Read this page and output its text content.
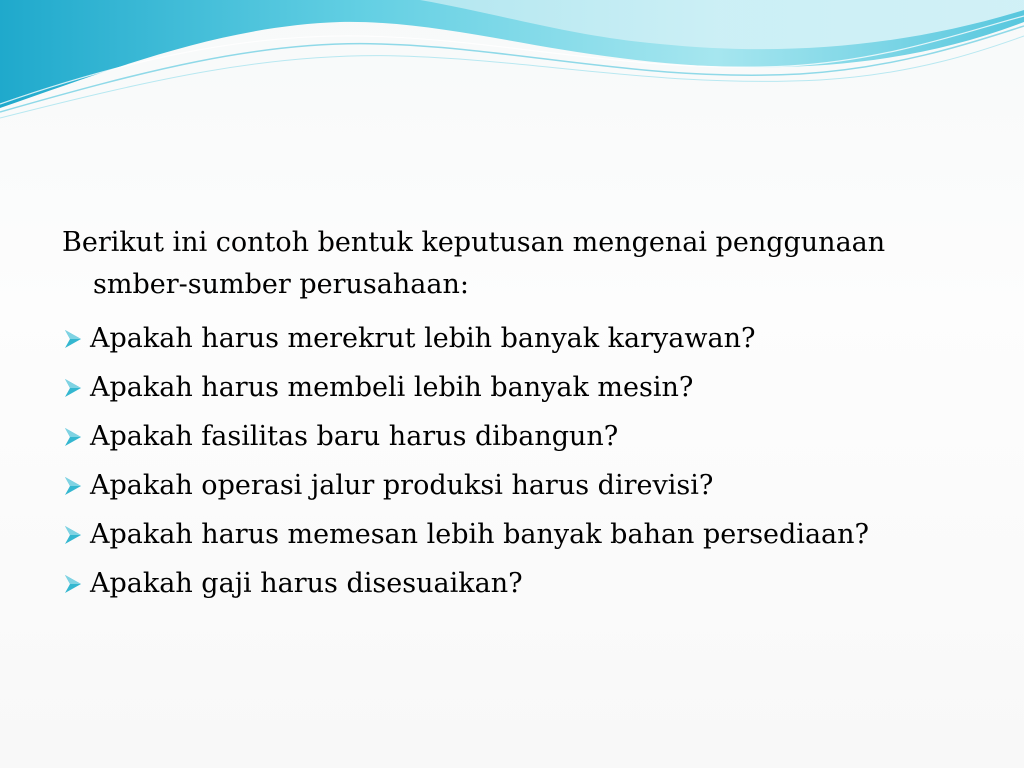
Berikut ini contoh bentuk keputusan mengenai penggunaan smber-sumber perusahaan:

Apakah harus merekrut lebih banyak karyawan?
Apakah harus membeli lebih banyak mesin?
Apakah fasilitas baru harus dibangun?
Apakah operasi jalur produksi harus direvisi?
Apakah harus memesan lebih banyak bahan persediaan?
Apakah gaji harus disesuaikan?
